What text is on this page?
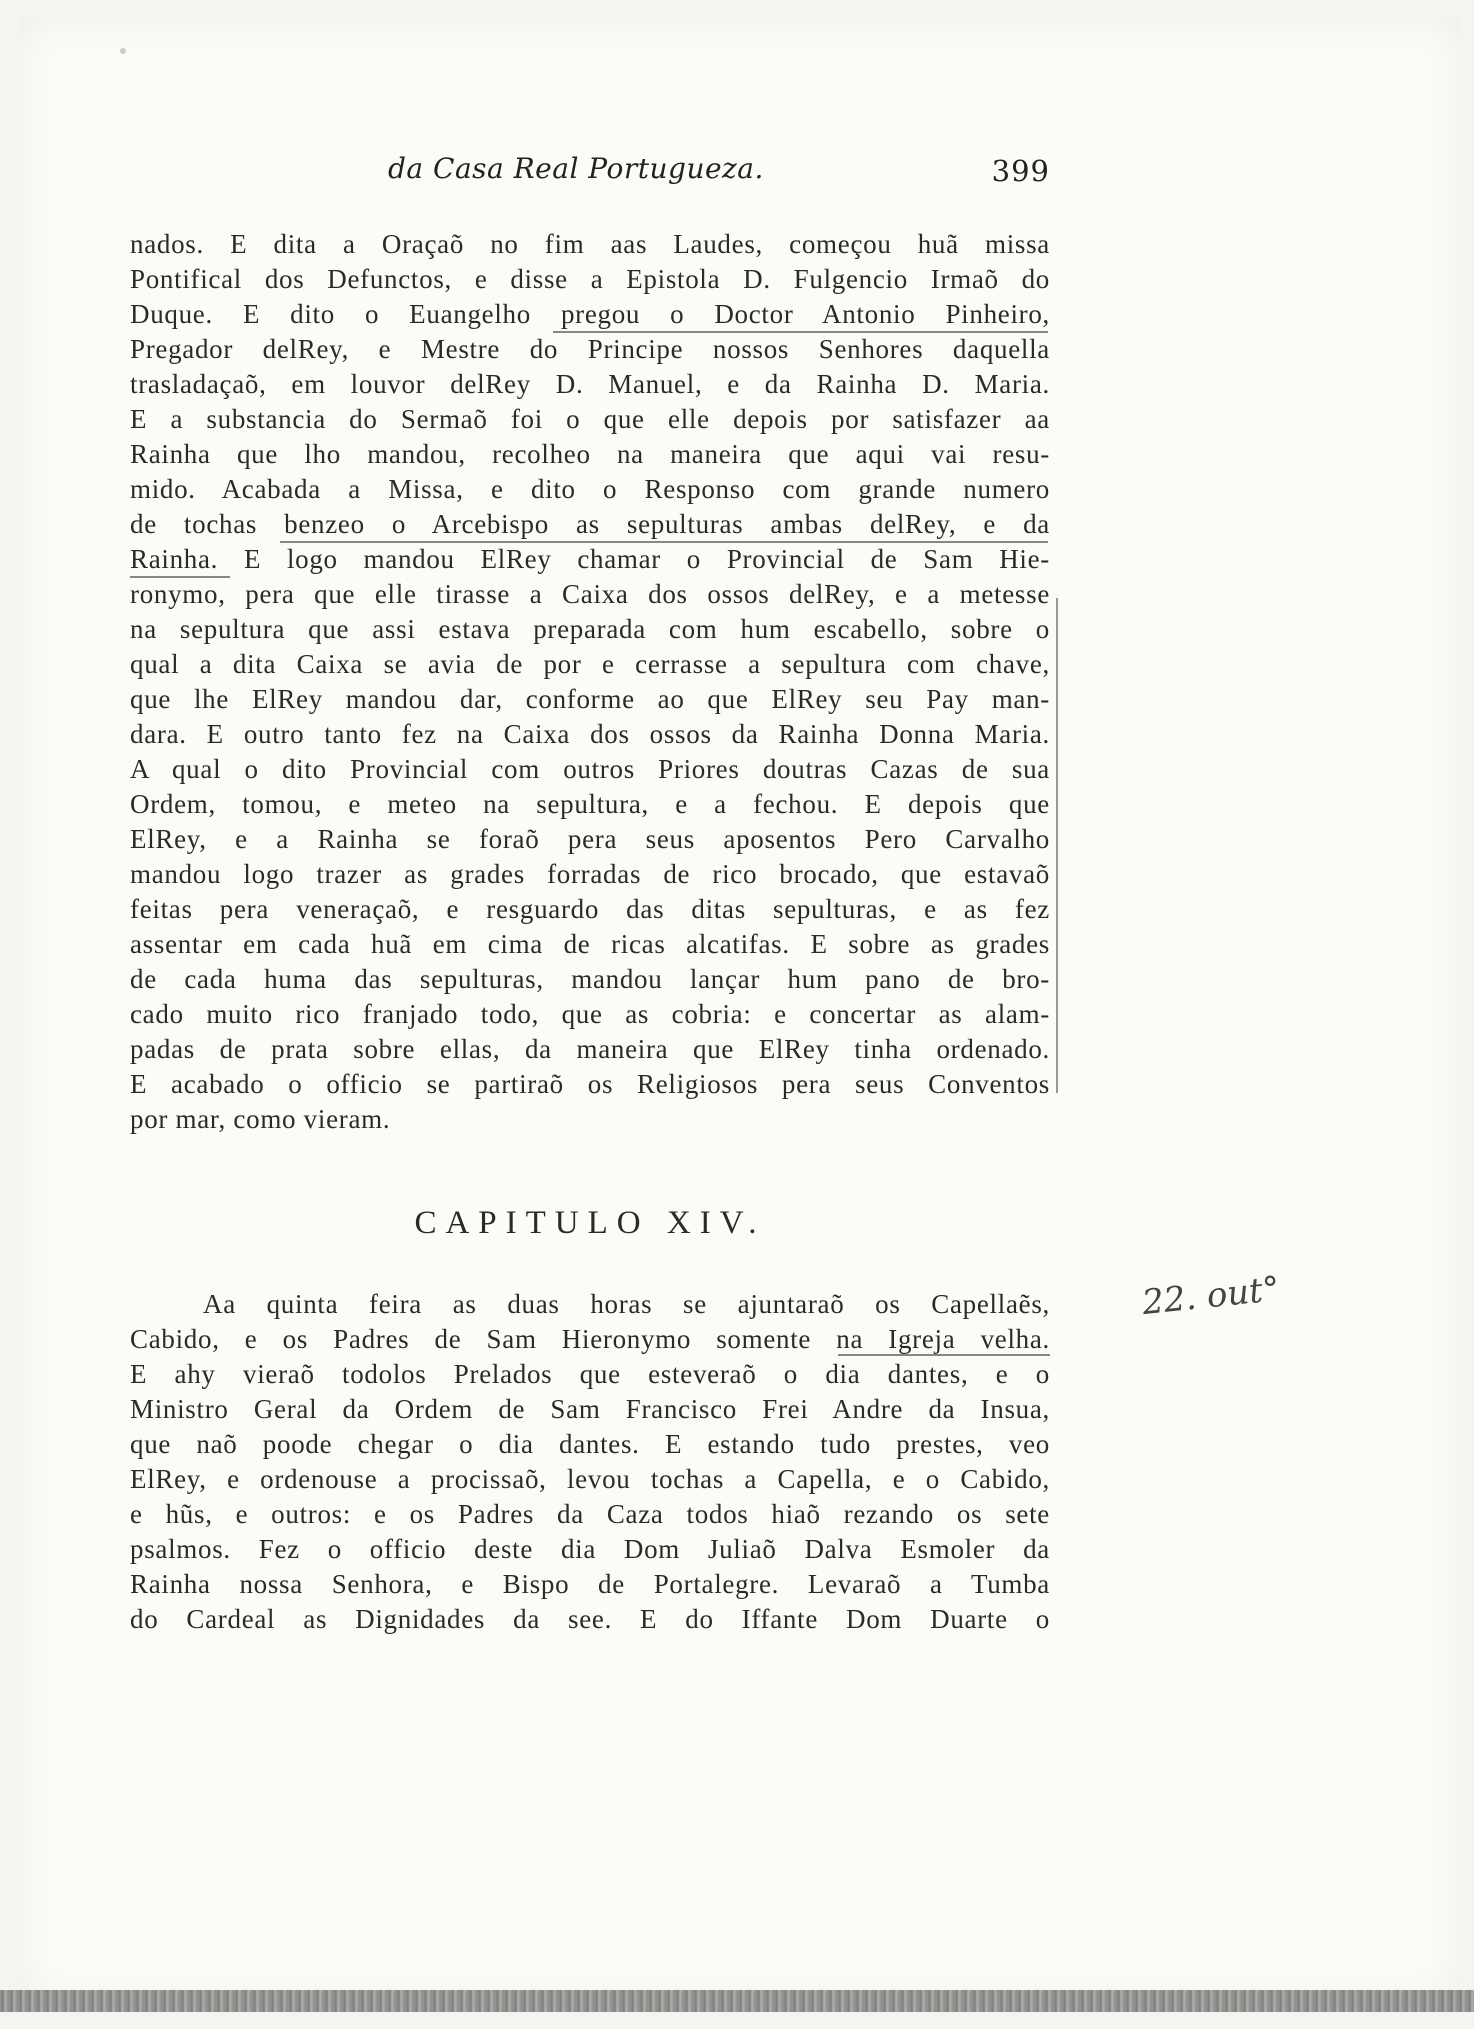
da Casa Real Portugueza.	399
nados. E dita a Oraçaõ no fim aas Laudes, começou huã missa
Pontifical dos Defunctos, e disse a Epistola D. Fulgencio Irmaõ do
Duque. E dito o Euangelho pregou o Doctor Antonio Pinheiro,
Pregador delRey, e Mestre do Principe nossos Senhores daquella
trasladaçaõ, em louvor delRey D. Manuel, e da Rainha D. Maria.
E a substancia do Sermaõ foi o que elle depois por satisfazer aa
Rainha que lho mandou, recolheo na maneira que aqui vai resu-
mido. Acabada a Missa, e dito o Responso com grande numero
de tochas benzeo o Arcebispo as sepulturas ambas delRey, e da
Rainha. E logo mandou ElRey chamar o Provincial de Sam Hie-
ronymo, pera que elle tirasse a Caixa dos ossos delRey, e a metesse
na sepultura que assi estava preparada com hum escabello, sobre o
qual a dita Caixa se avia de por e cerrasse a sepultura com chave,
que lhe ElRey mandou dar, conforme ao que ElRey seu Pay man-
dara. E outro tanto fez na Caixa dos ossos da Rainha Donna Maria.
A qual o dito Provincial com outros Priores doutras Cazas de sua
Ordem, tomou, e meteo na sepultura, e a fechou. E depois que
ElRey, e a Rainha se foraõ pera seus aposentos Pero Carvalho
mandou logo trazer as grades forradas de rico brocado, que estavaõ
feitas pera veneraçaõ, e resguardo das ditas sepulturas, e as fez
assentar em cada huã em cima de ricas alcatifas. E sobre as grades
de cada huma das sepulturas, mandou lançar hum pano de bro-
cado muito rico franjado todo, que as cobria: e concertar as alam-
padas de prata sobre ellas, da maneira que ElRey tinha ordenado.
E acabado o officio se partiraõ os Religiosos pera seus Conventos
por mar, como vieram.
CAPITULO XIV.
Aa quinta feira as duas horas se ajuntaraõ os Capellaẽs,
Cabido, e os Padres de Sam Hieronymo somente na Igreja velha.
E ahy vieraõ todolos Prelados que esteveraõ o dia dantes, e o
Ministro Geral da Ordem de Sam Francisco Frei Andre da Insua,
que naõ poode chegar o dia dantes. E estando tudo prestes, veo
ElRey, e ordenouse a procissaõ, levou tochas a Capella, e o Cabido,
e hũs, e outros: e os Padres da Caza todos hiaõ rezando os sete
psalmos. Fez o officio deste dia Dom Juliaõ Dalva Esmoler da
Rainha nossa Senhora, e Bispo de Portalegre. Levaraõ a Tumba
do Cardeal as Dignidades da see. E do Iffante Dom Duarte o
22. out°
